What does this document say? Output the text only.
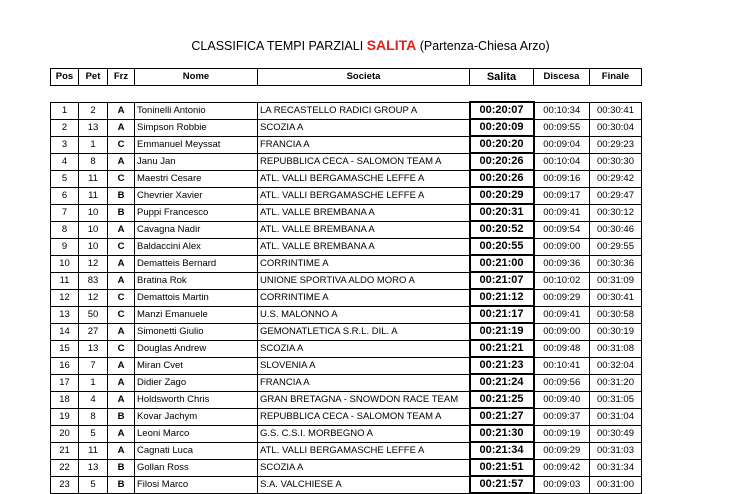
CLASSIFICA TEMPI PARZIALI SALITA (Partenza-Chiesa Arzo)
Pos	Pet	Frz	Nome	Societa	Salita	Discesa	Finale
1	2	A	Toninelli Antonio	LA RECASTELLO RADICI GROUP A	00:20:07	00:10:34	00:30:41
2	13	A	Simpson Robbie	SCOZIA A	00:20:09	00:09:55	00:30:04
3	1	C	Emmanuel Meyssat	FRANCIA A	00:20:20	00:09:04	00:29:23
4	8	A	Janu Jan	REPUBBLICA CECA - SALOMON TEAM A	00:20:26	00:10:04	00:30:30
5	11	C	Maestri Cesare	ATL. VALLI BERGAMASCHE LEFFE A	00:20:26	00:09:16	00:29:42
6	11	B	Chevrier Xavier	ATL. VALLI BERGAMASCHE LEFFE A	00:20:29	00:09:17	00:29:47
7	10	B	Puppi Francesco	ATL. VALLE BREMBANA A	00:20:31	00:09:41	00:30:12
8	10	A	Cavagna Nadir	ATL. VALLE BREMBANA A	00:20:52	00:09:54	00:30:46
9	10	C	Baldaccini Alex	ATL. VALLE BREMBANA A	00:20:55	00:09:00	00:29:55
10	12	A	Dematteis Bernard	CORRINTIME A	00:21:00	00:09:36	00:30:36
11	83	A	Bratina Rok	UNIONE SPORTIVA ALDO MORO A	00:21:07	00:10:02	00:31:09
12	12	C	Demattois Martin	CORRINTIME A	00:21:12	00:09:29	00:30:41
13	50	C	Manzi Emanuele	U.S. MALONNO A	00:21:17	00:09:41	00:30:58
14	27	A	Simonetti Giulio	GEMONATLETICA S.R.L. DIL. A	00:21:19	00:09:00	00:30:19
15	13	C	Douglas Andrew	SCOZIA A	00:21:21	00:09:48	00:31:08
16	7	A	Miran Cvet	SLOVENIA A	00:21:23	00:10:41	00:32:04
17	1	A	Didier Zago	FRANCIA A	00:21:24	00:09:56	00:31:20
18	4	A	Holdsworth Chris	GRAN BRETAGNA - SNOWDON RACE TEAM	00:21:25	00:09:40	00:31:05
19	8	B	Kovar Jachym	REPUBBLICA CECA - SALOMON TEAM A	00:21:27	00:09:37	00:31:04
20	5	A	Leoni Marco	G.S. C.S.I. MORBEGNO A	00:21:30	00:09:19	00:30:49
21	11	A	Cagnati Luca	ATL. VALLI BERGAMASCHE LEFFE A	00:21:34	00:09:29	00:31:03
22	13	B	Gollan Ross	SCOZIA A	00:21:51	00:09:42	00:31:34
23	5	B	Filosi Marco	S.A. VALCHIESE A	00:21:57	00:09:03	00:31:00
